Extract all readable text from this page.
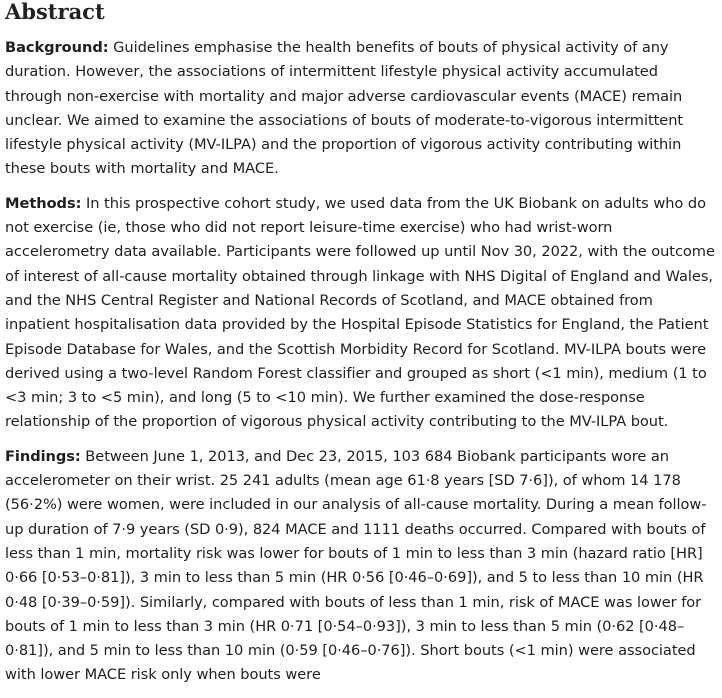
Abstract

Background: Guidelines emphasise the health benefits of bouts of physical activity of any duration. However, the associations of intermittent lifestyle physical activity accumulated through non-exercise with mortality and major adverse cardiovascular events (MACE) remain unclear. We aimed to examine the associations of bouts of moderate-to-vigorous intermittent lifestyle physical activity (MV-ILPA) and the proportion of vigorous activity contributing within these bouts with mortality and MACE.

Methods: In this prospective cohort study, we used data from the UK Biobank on adults who do not exercise (ie, those who did not report leisure-time exercise) who had wrist-worn accelerometry data available. Participants were followed up until Nov 30, 2022, with the outcome of interest of all-cause mortality obtained through linkage with NHS Digital of England and Wales, and the NHS Central Register and National Records of Scotland, and MACE obtained from inpatient hospitalisation data provided by the Hospital Episode Statistics for England, the Patient Episode Database for Wales, and the Scottish Morbidity Record for Scotland. MV-ILPA bouts were derived using a two-level Random Forest classifier and grouped as short (<1 min), medium (1 to <3 min; 3 to <5 min), and long (5 to <10 min). We further examined the dose-response relationship of the proportion of vigorous physical activity contributing to the MV-ILPA bout.

Findings: Between June 1, 2013, and Dec 23, 2015, 103 684 Biobank participants wore an accelerometer on their wrist. 25 241 adults (mean age 61·8 years [SD 7·6]), of whom 14 178 (56·2%) were women, were included in our analysis of all-cause mortality. During a mean follow-up duration of 7·9 years (SD 0·9), 824 MACE and 1111 deaths occurred. Compared with bouts of less than 1 min, mortality risk was lower for bouts of 1 min to less than 3 min (hazard ratio [HR] 0·66 [0·53–0·81]), 3 min to less than 5 min (HR 0·56 [0·46–0·69]), and 5 to less than 10 min (HR 0·48 [0·39–0·59]). Similarly, compared with bouts of less than 1 min, risk of MACE was lower for bouts of 1 min to less than 3 min (HR 0·71 [0·54–0·93]), 3 min to less than 5 min (0·62 [0·48–0·81]), and 5 min to less than 10 min (0·59 [0·46–0·76]). Short bouts (<1 min) were associated with lower MACE risk only when bouts were
